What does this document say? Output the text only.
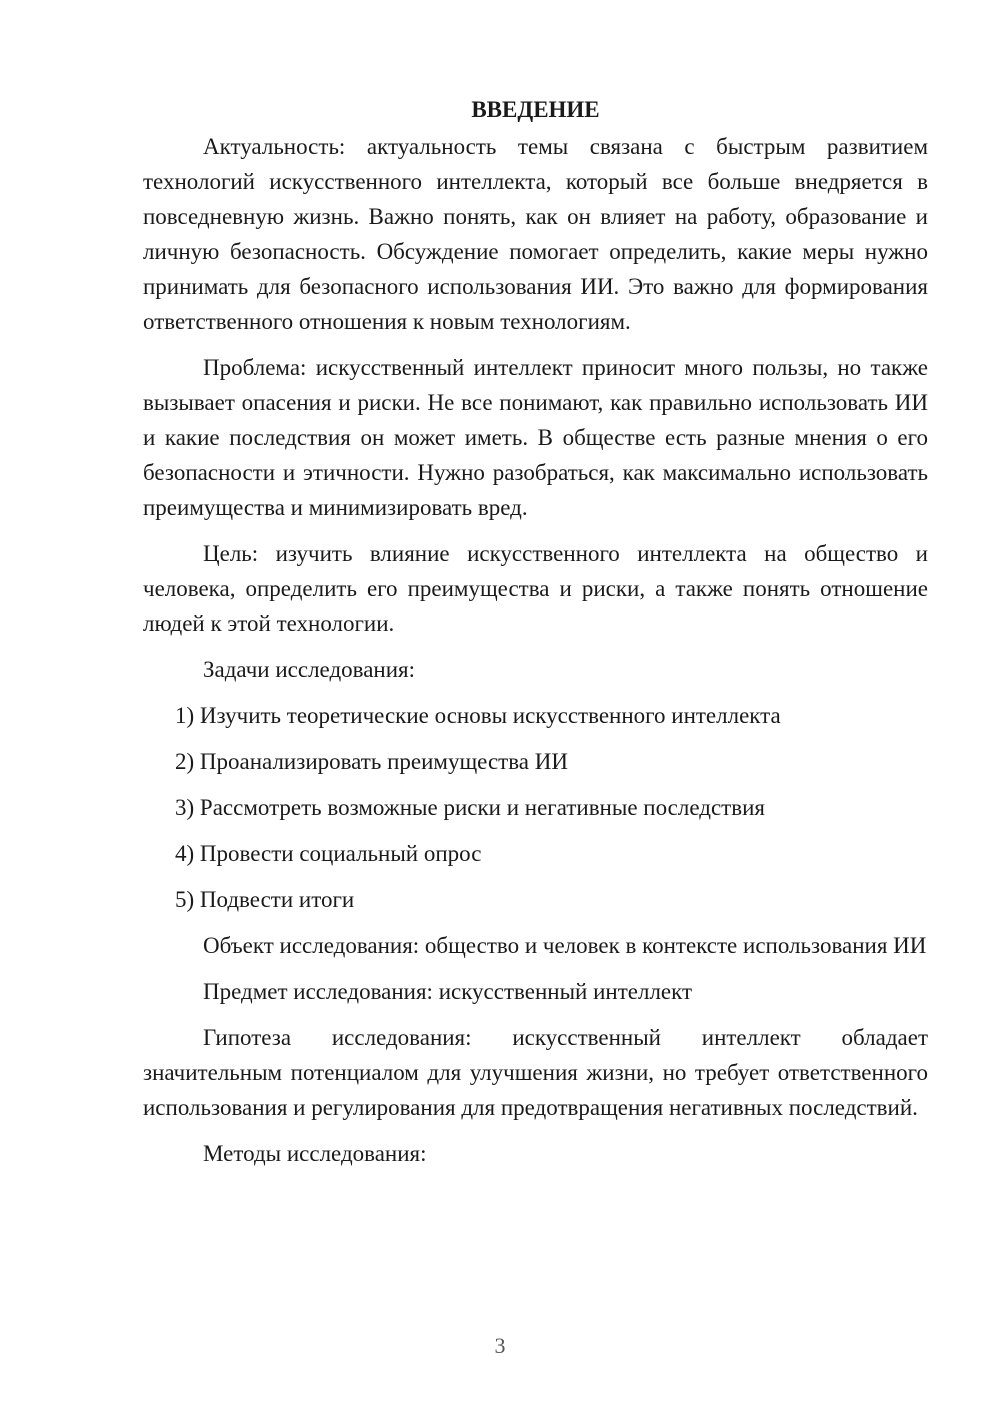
ВВЕДЕНИЕ

Актуальность: актуальность темы связана с быстрым развитием технологий искусственного интеллекта, который все больше внедряется в повседневную жизнь. Важно понять, как он влияет на работу, образование и личную безопасность. Обсуждение помогает определить, какие меры нужно принимать для безопасного использования ИИ. Это важно для формирования ответственного отношения к новым технологиям.

Проблема: искусственный интеллект приносит много пользы, но также вызывает опасения и риски. Не все понимают, как правильно использовать ИИ и какие последствия он может иметь. В обществе есть разные мнения о его безопасности и этичности. Нужно разобраться, как максимально использовать преимущества и минимизировать вред.

Цель: изучить влияние искусственного интеллекта на общество и человека, определить его преимущества и риски, а также понять отношение людей к этой технологии.

Задачи исследования:

1) Изучить теоретические основы искусственного интеллекта
2) Проанализировать преимущества ИИ
3) Рассмотреть возможные риски и негативные последствия
4) Провести социальный опрос
5) Подвести итоги

Объект исследования: общество и человек в контексте использования ИИ

Предмет исследования: искусственный интеллект

Гипотеза исследования: искусственный интеллект обладает значительным потенциалом для улучшения жизни, но требует ответственного использования и регулирования для предотвращения негативных последствий.

Методы исследования:

3
